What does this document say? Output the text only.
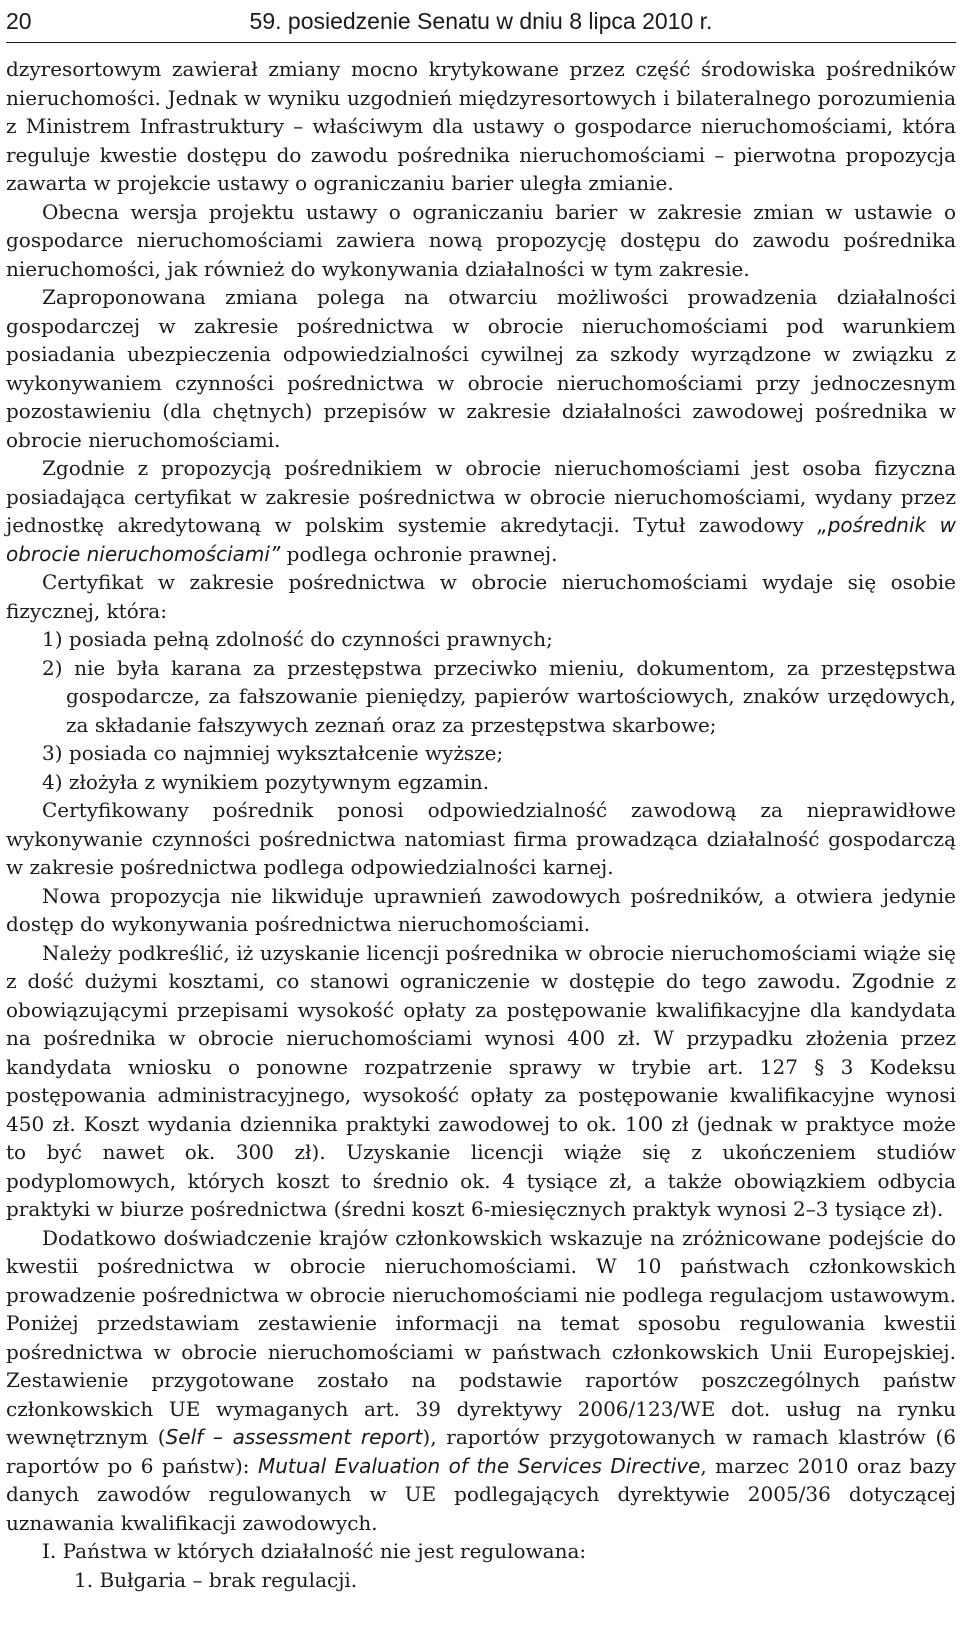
20	59. posiedzenie Senatu w dniu 8 lipca 2010 r.

dzyresortowym zawierał zmiany mocno krytykowane przez część środowiska pośredników nieruchomości. Jednak w wyniku uzgodnień międzyresortowych i bilateralnego porozumienia z Ministrem Infrastruktury – właściwym dla ustawy o gospodarce nieruchomościami, która reguluje kwestie dostępu do zawodu pośrednika nieruchomościami – pierwotna propozycja zawarta w projekcie ustawy o ograniczaniu barier uległa zmianie.

Obecna wersja projektu ustawy o ograniczaniu barier w zakresie zmian w ustawie o gospodarce nieruchomościami zawiera nową propozycję dostępu do zawodu pośrednika nieruchomości, jak również do wykonywania działalności w tym zakresie.

Zaproponowana zmiana polega na otwarciu możliwości prowadzenia działalności gospodarczej w zakresie pośrednictwa w obrocie nieruchomościami pod warunkiem posiadania ubezpieczenia odpowiedzialności cywilnej za szkody wyrządzone w związku z wykonywaniem czynności pośrednictwa w obrocie nieruchomościami przy jednoczesnym pozostawieniu (dla chętnych) przepisów w zakresie działalności zawodowej pośrednika w obrocie nieruchomościami.

Zgodnie z propozycją pośrednikiem w obrocie nieruchomościami jest osoba fizyczna posiadająca certyfikat w zakresie pośrednictwa w obrocie nieruchomościami, wydany przez jednostkę akredytowaną w polskim systemie akredytacji. Tytuł zawodowy „pośrednik w obrocie nieruchomościami” podlega ochronie prawnej.

Certyfikat w zakresie pośrednictwa w obrocie nieruchomościami wydaje się osobie fizycznej, która:

1) posiada pełną zdolność do czynności prawnych;

2) nie była karana za przestępstwa przeciwko mieniu, dokumentom, za przestępstwa gospodarcze, za fałszowanie pieniędzy, papierów wartościowych, znaków urzędowych, za składanie fałszywych zeznań oraz za przestępstwa skarbowe;

3) posiada co najmniej wykształcenie wyższe;

4) złożyła z wynikiem pozytywnym egzamin.

Certyfikowany pośrednik ponosi odpowiedzialność zawodową za nieprawidłowe wykonywanie czynności pośrednictwa natomiast firma prowadząca działalność gospodarczą w zakresie pośrednictwa podlega odpowiedzialności karnej.

Nowa propozycja nie likwiduje uprawnień zawodowych pośredników, a otwiera jedynie dostęp do wykonywania pośrednictwa nieruchomościami.

Należy podkreślić, iż uzyskanie licencji pośrednika w obrocie nieruchomościami wiąże się z dość dużymi kosztami, co stanowi ograniczenie w dostępie do tego zawodu. Zgodnie z obowiązującymi przepisami wysokość opłaty za postępowanie kwalifikacyjne dla kandydata na pośrednika w obrocie nieruchomościami wynosi 400 zł. W przypadku złożenia przez kandydata wniosku o ponowne rozpatrzenie sprawy w trybie art. 127 § 3 Kodeksu postępowania administracyjnego, wysokość opłaty za postępowanie kwalifikacyjne wynosi 450 zł. Koszt wydania dziennika praktyki zawodowej to ok. 100 zł (jednak w praktyce może to być nawet ok. 300 zł). Uzyskanie licencji wiąże się z ukończeniem studiów podyplomowych, których koszt to średnio ok. 4 tysiące zł, a także obowiązkiem odbycia praktyki w biurze pośrednictwa (średni koszt 6-miesięcznych praktyk wynosi 2–3 tysiące zł).

Dodatkowo doświadczenie krajów członkowskich wskazuje na zróżnicowane podejście do kwestii pośrednictwa w obrocie nieruchomościami. W 10 państwach członkowskich prowadzenie pośrednictwa w obrocie nieruchomościami nie podlega regulacjom ustawowym. Poniżej przedstawiam zestawienie informacji na temat sposobu regulowania kwestii pośrednictwa w obrocie nieruchomościami w państwach członkowskich Unii Europejskiej. Zestawienie przygotowane zostało na podstawie raportów poszczególnych państw członkowskich UE wymaganych art. 39 dyrektywy 2006/123/WE dot. usług na rynku wewnętrznym (Self – assessment report), raportów przygotowanych w ramach klastrów (6 raportów po 6 państw): Mutual Evaluation of the Services Directive, marzec 2010 oraz bazy danych zawodów regulowanych w UE podlegających dyrektywie 2005/36 dotyczącej uznawania kwalifikacji zawodowych.

I. Państwa w których działalność nie jest regulowana:

1. Bułgaria – brak regulacji.
